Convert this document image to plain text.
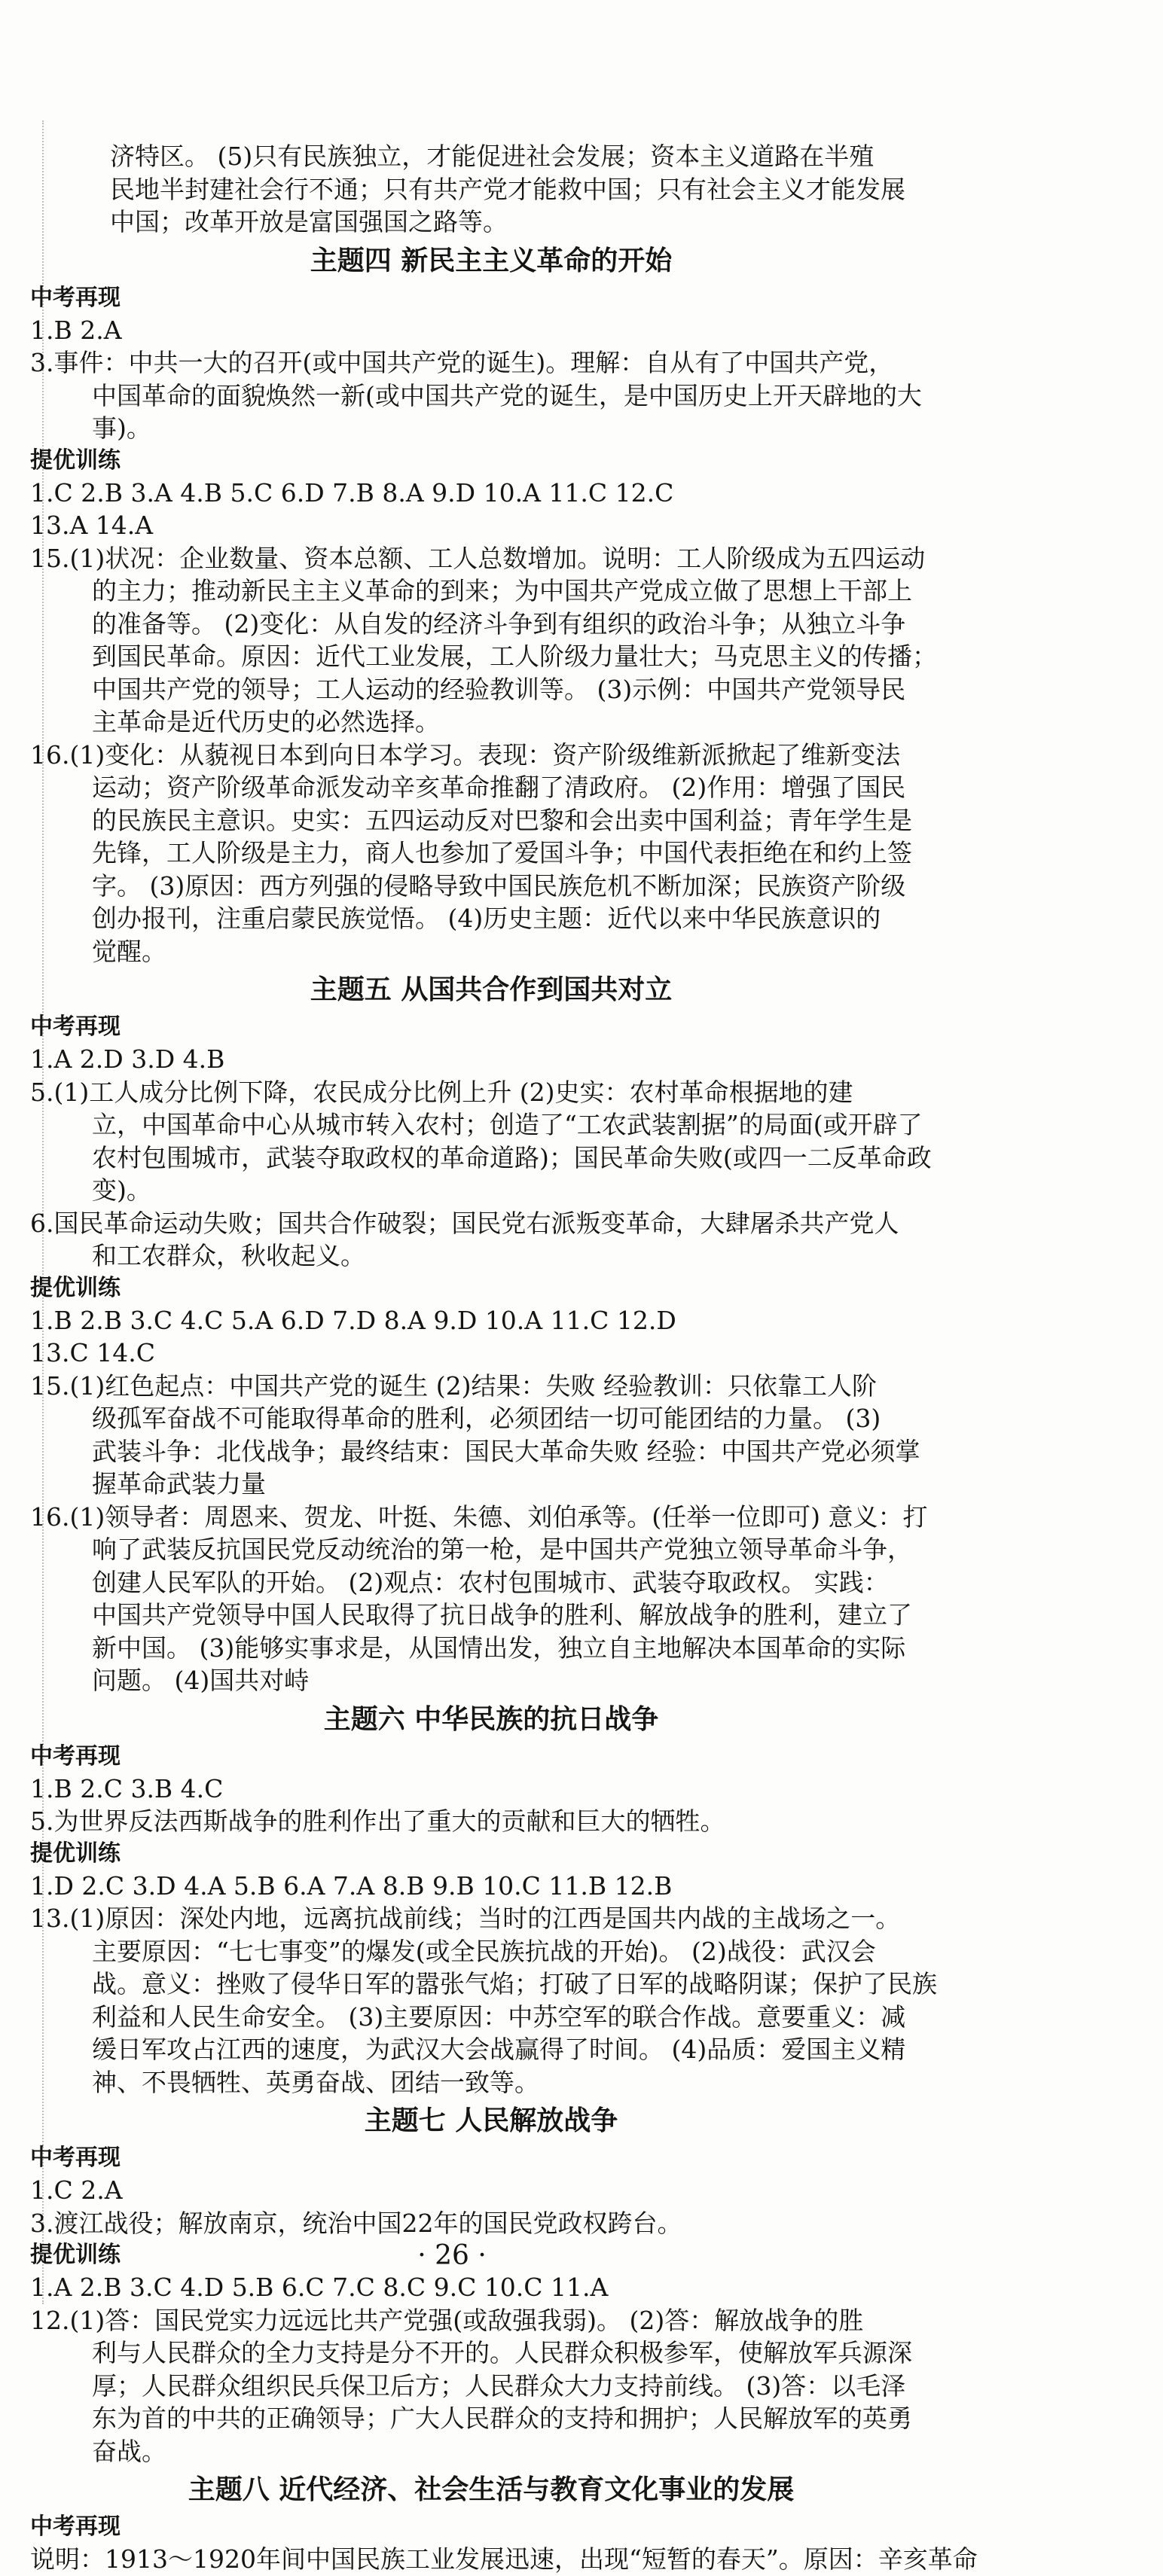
济特区。 (5)只有民族独立，才能促进社会发展；资本主义道路在半殖
民地半封建社会行不通；只有共产党才能救中国；只有社会主义才能发展
中国；改革开放是富国强国之路等。
主题四 新民主主义革命的开始
中考再现
1.B 2.A
3.事件：中共一大的召开(或中国共产党的诞生)。理解：自从有了中国共产党，
中国革命的面貌焕然一新(或中国共产党的诞生，是中国历史上开天辟地的大
事)。
提优训练
1.C 2.B 3.A 4.B 5.C 6.D 7.B 8.A 9.D 10.A 11.C 12.C
13.A 14.A
15.(1)状况：企业数量、资本总额、工人总数增加。说明：工人阶级成为五四运动
的主力；推动新民主主义革命的到来；为中国共产党成立做了思想上干部上
的准备等。 (2)变化：从自发的经济斗争到有组织的政治斗争；从独立斗争
到国民革命。原因：近代工业发展，工人阶级力量壮大；马克思主义的传播；
中国共产党的领导；工人运动的经验教训等。 (3)示例：中国共产党领导民
主革命是近代历史的必然选择。
16.(1)变化：从藐视日本到向日本学习。表现：资产阶级维新派掀起了维新变法
运动；资产阶级革命派发动辛亥革命推翻了清政府。 (2)作用：增强了国民
的民族民主意识。史实：五四运动反对巴黎和会出卖中国利益；青年学生是
先锋，工人阶级是主力，商人也参加了爱国斗争；中国代表拒绝在和约上签
字。 (3)原因：西方列强的侵略导致中国民族危机不断加深；民族资产阶级
创办报刊，注重启蒙民族觉悟。 (4)历史主题：近代以来中华民族意识的
觉醒。
主题五 从国共合作到国共对立
中考再现
1.A 2.D 3.D 4.B
5.(1)工人成分比例下降，农民成分比例上升 (2)史实：农村革命根据地的建
立，中国革命中心从城市转入农村；创造了“工农武装割据”的局面(或开辟了
农村包围城市，武装夺取政权的革命道路)；国民革命失败(或四一二反革命政
变)。
6.国民革命运动失败；国共合作破裂；国民党右派叛变革命，大肆屠杀共产党人
和工农群众，秋收起义。
提优训练
1.B 2.B 3.C 4.C 5.A 6.D 7.D 8.A 9.D 10.A 11.C 12.D
13.C 14.C
15.(1)红色起点：中国共产党的诞生 (2)结果：失败 经验教训：只依靠工人阶
级孤军奋战不可能取得革命的胜利，必须团结一切可能团结的力量。 (3)
武装斗争：北伐战争；最终结束：国民大革命失败 经验：中国共产党必须掌
握革命武装力量
16.(1)领导者：周恩来、贺龙、叶挺、朱德、刘伯承等。(任举一位即可) 意义：打
响了武装反抗国民党反动统治的第一枪，是中国共产党独立领导革命斗争，
创建人民军队的开始。 (2)观点：农村包围城市、武装夺取政权。 实践：
中国共产党领导中国人民取得了抗日战争的胜利、解放战争的胜利，建立了
新中国。 (3)能够实事求是，从国情出发，独立自主地解决本国革命的实际
问题。 (4)国共对峙
主题六 中华民族的抗日战争
中考再现
1.B 2.C 3.B 4.C
5.为世界反法西斯战争的胜利作出了重大的贡献和巨大的牺牲。
提优训练
1.D 2.C 3.D 4.A 5.B 6.A 7.A 8.B 9.B 10.C 11.B 12.B
13.(1)原因：深处内地，远离抗战前线；当时的江西是国共内战的主战场之一。
主要原因：“七七事变”的爆发(或全民族抗战的开始)。 (2)战役：武汉会
战。意义：挫败了侵华日军的嚣张气焰；打破了日军的战略阴谋；保护了民族
利益和人民生命安全。 (3)主要原因：中苏空军的联合作战。意要重义：减
缓日军攻占江西的速度，为武汉大会战赢得了时间。 (4)品质：爱国主义精
神、不畏牺牲、英勇奋战、团结一致等。
主题七 人民解放战争
中考再现
1.C 2.A
3.渡江战役；解放南京，统治中国22年的国民党政权跨台。
提优训练
1.A 2.B 3.C 4.D 5.B 6.C 7.C 8.C 9.C 10.C 11.A
12.(1)答：国民党实力远远比共产党强(或敌强我弱)。 (2)答：解放战争的胜
利与人民群众的全力支持是分不开的。人民群众积极参军，使解放军兵源深
厚；人民群众组织民兵保卫后方；人民群众大力支持前线。 (3)答：以毛泽
东为首的中共的正确领导；广大人民群众的支持和拥护；人民解放军的英勇
奋战。
主题八 近代经济、社会生活与教育文化事业的发展
中考再现
说明：1913～1920年间中国民族工业发展迅速，出现“短暂的春天”。原因：辛亥革命
· 26 ·
